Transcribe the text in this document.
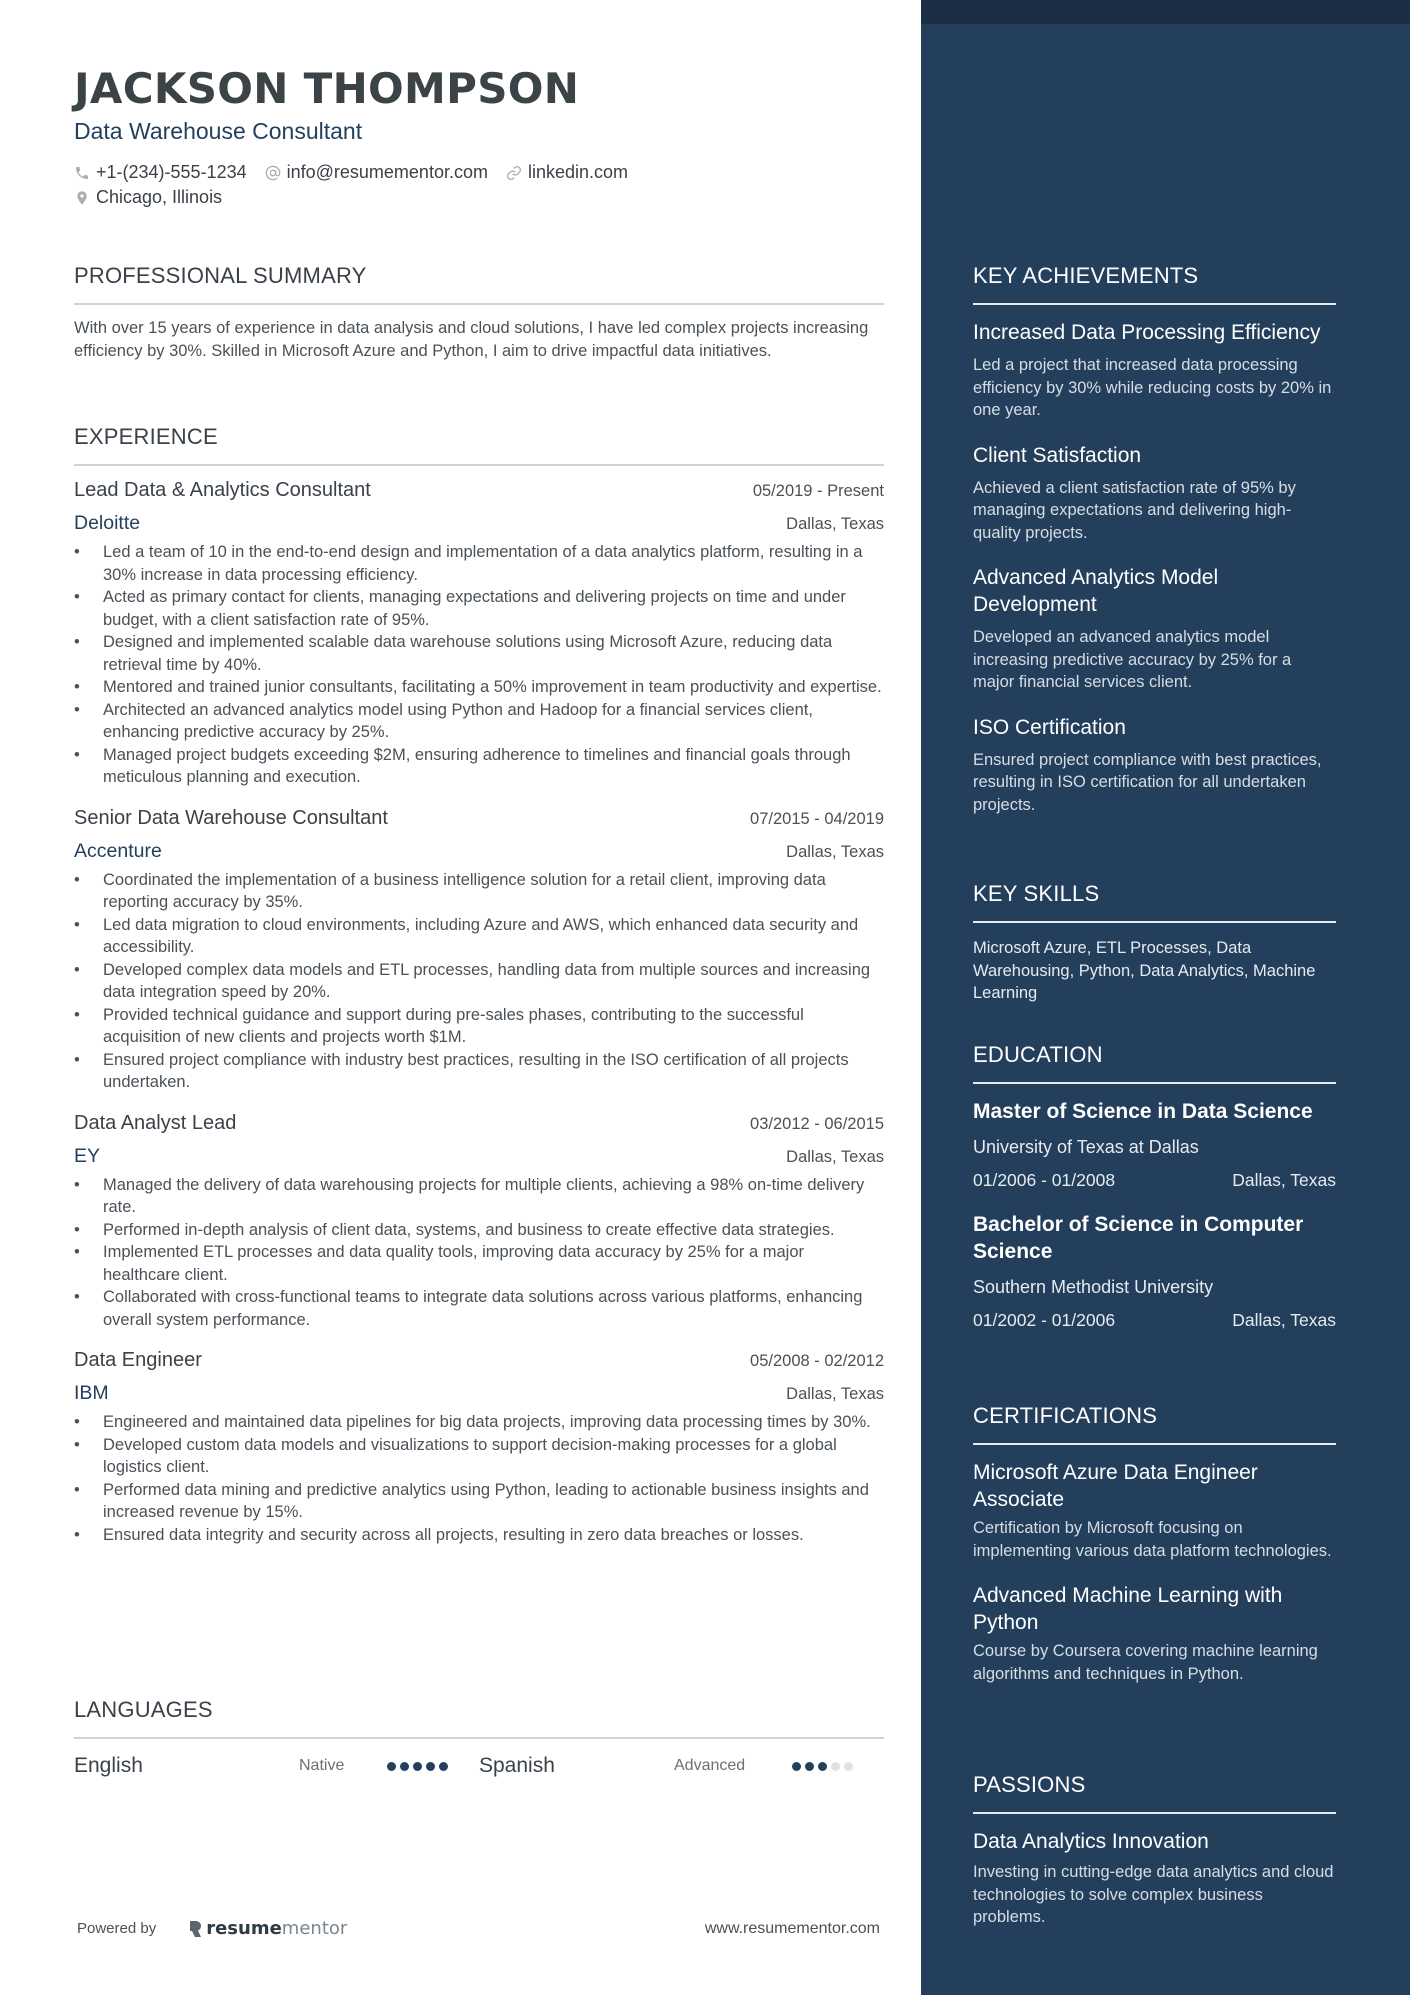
JACKSON THOMPSON
Data Warehouse Consultant
+1-(234)-555-1234 info@resumementor.com linkedin.com
Chicago, Illinois
PROFESSIONAL SUMMARY
With over 15 years of experience in data analysis and cloud solutions, I have led complex projects increasing efficiency by 30%. Skilled in Microsoft Azure and Python, I aim to drive impactful data initiatives.
EXPERIENCE
Lead Data & Analytics Consultant	05/2019 - Present
Deloitte	Dallas, Texas
• Led a team of 10 in the end-to-end design and implementation of a data analytics platform, resulting in a 30% increase in data processing efficiency.
• Acted as primary contact for clients, managing expectations and delivering projects on time and under budget, with a client satisfaction rate of 95%.
• Designed and implemented scalable data warehouse solutions using Microsoft Azure, reducing data retrieval time by 40%.
• Mentored and trained junior consultants, facilitating a 50% improvement in team productivity and expertise.
• Architected an advanced analytics model using Python and Hadoop for a financial services client, enhancing predictive accuracy by 25%.
• Managed project budgets exceeding $2M, ensuring adherence to timelines and financial goals through meticulous planning and execution.
Senior Data Warehouse Consultant	07/2015 - 04/2019
Accenture	Dallas, Texas
• Coordinated the implementation of a business intelligence solution for a retail client, improving data reporting accuracy by 35%.
• Led data migration to cloud environments, including Azure and AWS, which enhanced data security and accessibility.
• Developed complex data models and ETL processes, handling data from multiple sources and increasing data integration speed by 20%.
• Provided technical guidance and support during pre-sales phases, contributing to the successful acquisition of new clients and projects worth $1M.
• Ensured project compliance with industry best practices, resulting in the ISO certification of all projects undertaken.
Data Analyst Lead	03/2012 - 06/2015
EY	Dallas, Texas
• Managed the delivery of data warehousing projects for multiple clients, achieving a 98% on-time delivery rate.
• Performed in-depth analysis of client data, systems, and business to create effective data strategies.
• Implemented ETL processes and data quality tools, improving data accuracy by 25% for a major healthcare client.
• Collaborated with cross-functional teams to integrate data solutions across various platforms, enhancing overall system performance.
Data Engineer	05/2008 - 02/2012
IBM	Dallas, Texas
• Engineered and maintained data pipelines for big data projects, improving data processing times by 30%.
• Developed custom data models and visualizations to support decision-making processes for a global logistics client.
• Performed data mining and predictive analytics using Python, leading to actionable business insights and increased revenue by 15%.
• Ensured data integrity and security across all projects, resulting in zero data breaches or losses.
LANGUAGES
English	Native	Spanish	Advanced
Powered by	resume mentor	www.resumementor.com
KEY ACHIEVEMENTS
Increased Data Processing Efficiency
Led a project that increased data processing efficiency by 30% while reducing costs by 20% in one year.
Client Satisfaction
Achieved a client satisfaction rate of 95% by managing expectations and delivering high-quality projects.
Advanced Analytics Model Development
Developed an advanced analytics model increasing predictive accuracy by 25% for a major financial services client.
ISO Certification
Ensured project compliance with best practices, resulting in ISO certification for all undertaken projects.
KEY SKILLS
Microsoft Azure, ETL Processes, Data Warehousing, Python, Data Analytics, Machine Learning
EDUCATION
Master of Science in Data Science
University of Texas at Dallas
01/2006 - 01/2008	Dallas, Texas
Bachelor of Science in Computer Science
Southern Methodist University
01/2002 - 01/2006	Dallas, Texas
CERTIFICATIONS
Microsoft Azure Data Engineer Associate
Certification by Microsoft focusing on implementing various data platform technologies.
Advanced Machine Learning with Python
Course by Coursera covering machine learning algorithms and techniques in Python.
PASSIONS
Data Analytics Innovation
Investing in cutting-edge data analytics and cloud technologies to solve complex business problems.
